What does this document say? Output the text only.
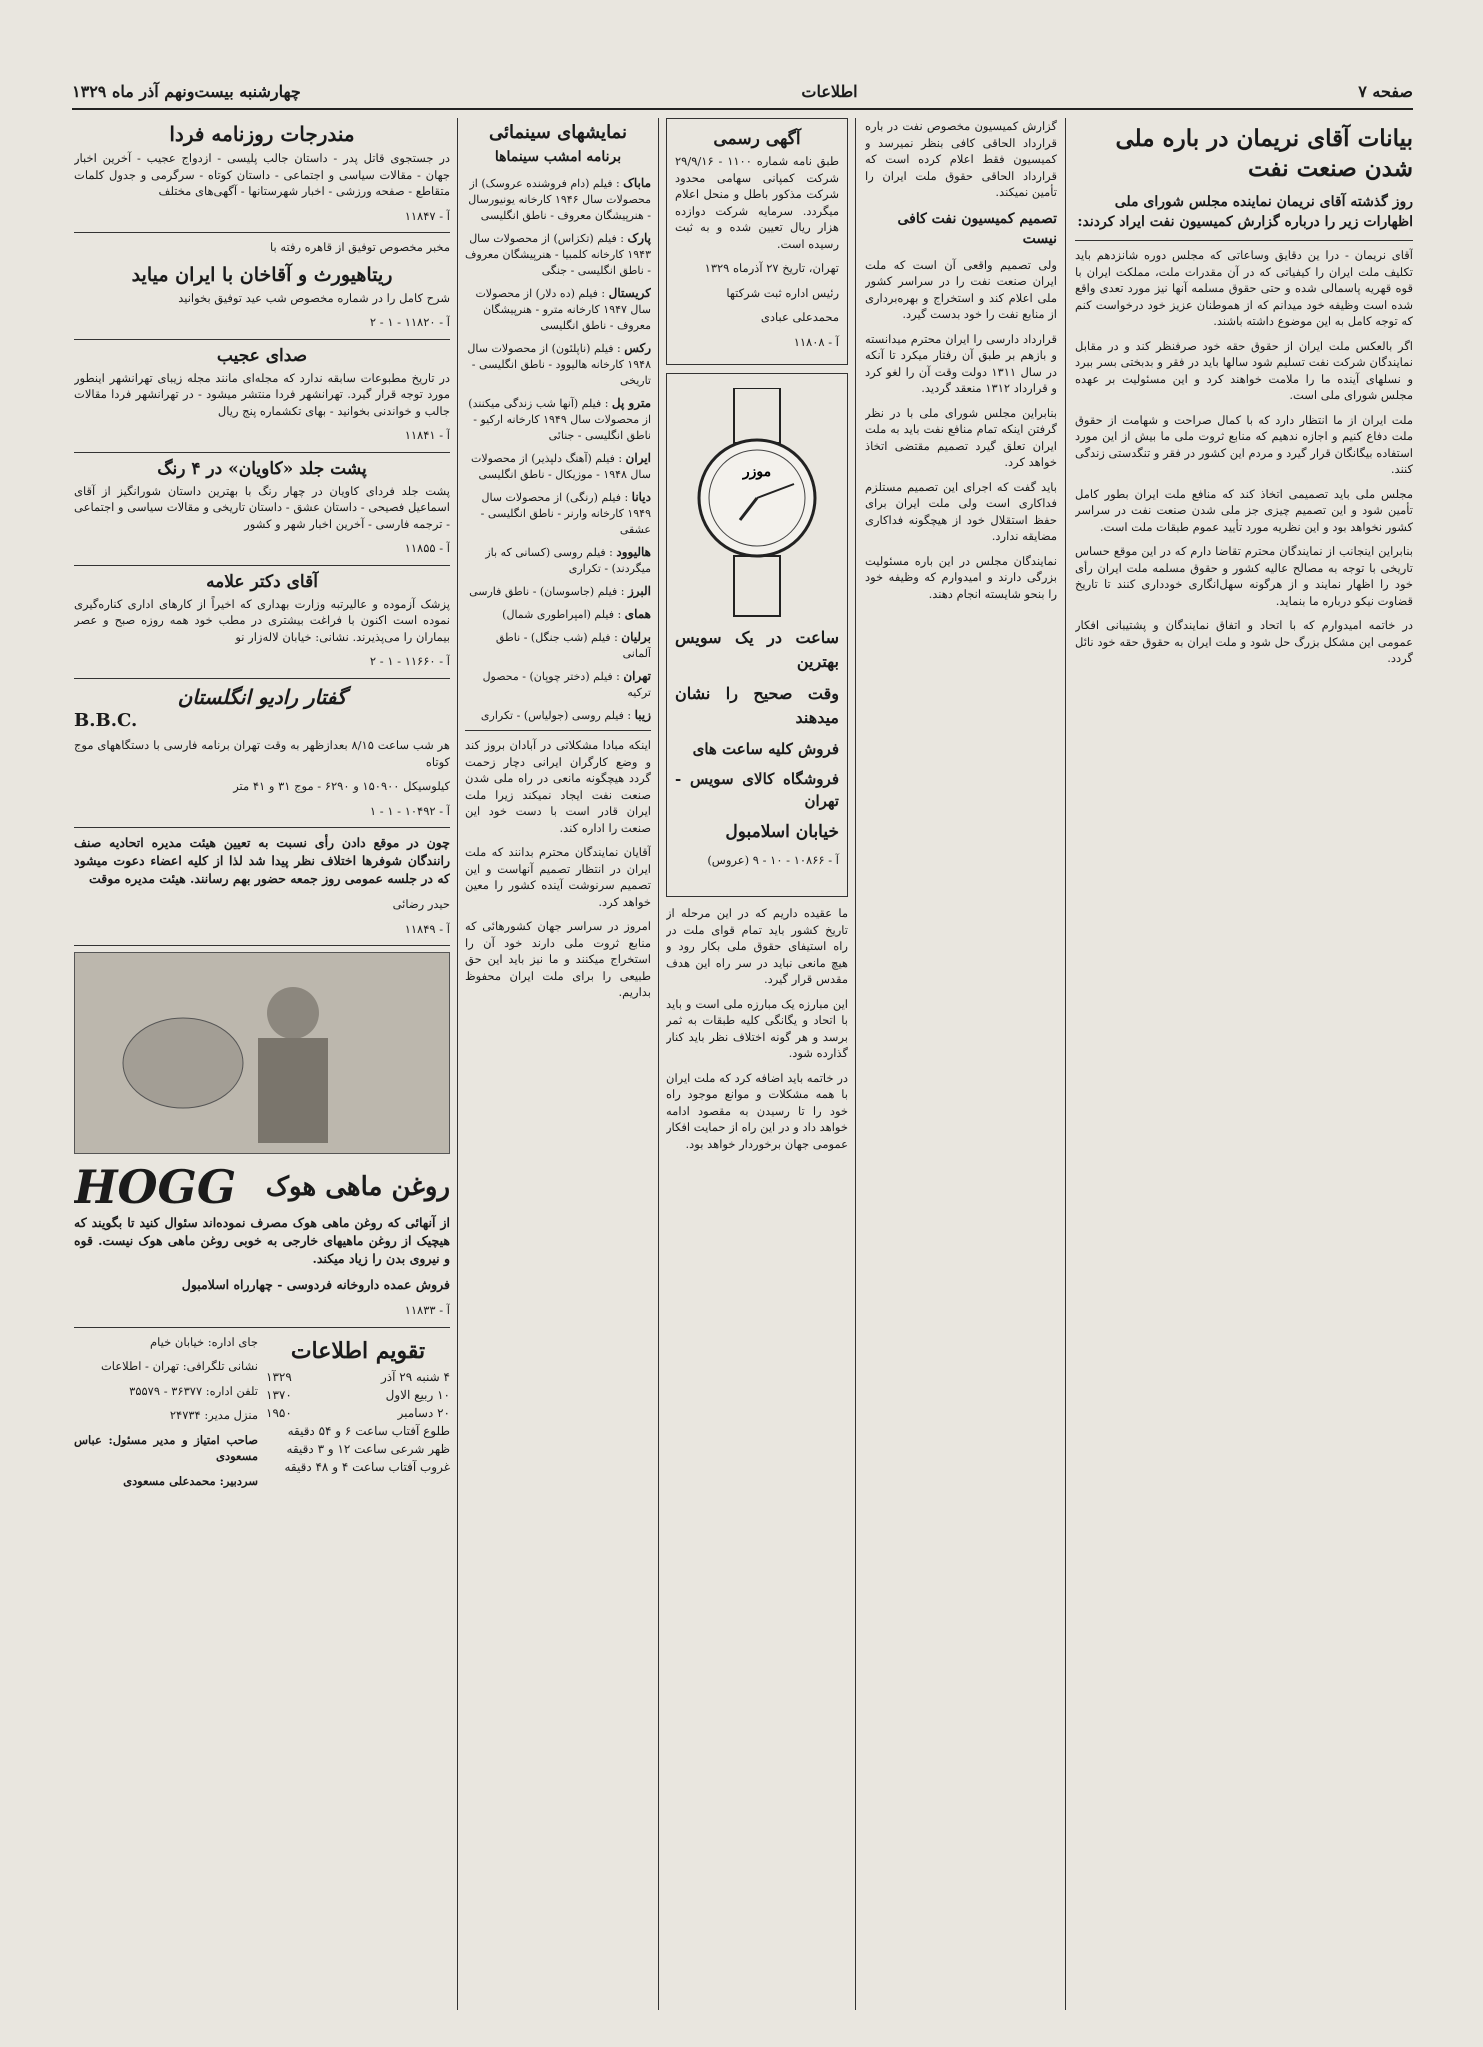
صفحه ۷
اطلاعات
چهارشنبه بیست‌ونهم آذر ماه ۱۳۲۹
بیانات آقای نریمان در باره ملی شدن صنعت نفت
روز گذشته آقای نریمان نماینده مجلس شورای ملی اظهارات زیر را درباره گزارش کمیسیون نفت ایراد کردند:

آقای نریمان - درا ین دقایق وساعاتی که مجلس دوره شانزدهم باید تکلیف ملت ایران را کیفیاتی که در آن مقدرات ملت، مملکت ایران با قوه قهریه پاسمالی شده و حتی حقوق مسلمه آنها نیز مورد تعدی واقع شده است وظیفه خود میدانم که از هموطنان عزیز خود درخواست کنم که توجه کامل به این موضوع داشته باشند.

اگر بالعکس ملت ایران از حقوق حقه خود صرفنظر کند و در مقابل نمایندگان شرکت نفت تسلیم شود سالها باید در فقر و بدبختی بسر ببرد و نسلهای آینده ما را ملامت خواهند کرد و این مسئولیت بر عهده مجلس شورای ملی است.

ملت ایران از ما انتظار دارد که با کمال صراحت و شهامت از حقوق ملت دفاع کنیم و اجازه ندهیم که منابع ثروت ملی ما بیش از این مورد استفاده بیگانگان قرار گیرد و مردم این کشور در فقر و تنگدستی زندگی کنند.

مجلس ملی باید تصمیمی اتخاذ کند که منافع ملت ایران بطور کامل تأمین شود و این تصمیم چیزی جز ملی شدن صنعت نفت در سراسر کشور نخواهد بود و این نظریه مورد تأیید عموم طبقات ملت است.

بنابراین اینجانب از نمایندگان محترم تقاضا دارم که در این موقع حساس تاریخی با توجه به مصالح عالیه کشور و حقوق مسلمه ملت ایران رأی خود را اظهار نمایند و از هرگونه سهل‌انگاری خودداری کنند تا تاریخ قضاوت نیکو درباره ما بنماید.

در خاتمه امیدوارم که با اتحاد و اتفاق نمایندگان و پشتیبانی افکار عمومی این مشکل بزرگ حل شود و ملت ایران به حقوق حقه خود نائل گردد.

گزارش کمیسیون مخصوص نفت در باره قرارداد الحاقی کافی بنظر نمیرسد و کمیسیون فقط اعلام کرده است که قرارداد الحاقی حقوق ملت ایران را تأمین نمیکند.

تصمیم کمیسیون نفت کافی نیست

ولی تصمیم واقعی آن است که ملت ایران صنعت نفت را در سراسر کشور ملی اعلام کند و استخراج و بهره‌برداری از منابع نفت را خود بدست گیرد.

قرارداد دارسی را ایران محترم میدانسته و بازهم بر طبق آن رفتار میکرد تا آنکه در سال ۱۳۱۱ دولت وقت آن را لغو کرد و قرارداد ۱۳۱۲ منعقد گردید.

بنابراین مجلس شورای ملی با در نظر گرفتن اینکه تمام منافع نفت باید به ملت ایران تعلق گیرد تصمیم مقتضی اتخاذ خواهد کرد.

باید گفت که اجرای این تصمیم مستلزم فداکاری است ولی ملت ایران برای حفظ استقلال خود از هیچگونه فداکاری مضایقه ندارد.

نمایندگان مجلس در این باره مسئولیت بزرگی دارند و امیدوارم که وظیفه خود را بنحو شایسته انجام دهند.

آگهی رسمی

طبق نامه شماره ۱۱۰۰ - ۲۹/۹/۱۶ شرکت کمپانی سهامی محدود شرکت مذکور باطل و منحل اعلام میگردد. سرمایه شرکت دوازده هزار ریال تعیین شده و به ثبت رسیده است.

تهران، تاریخ ۲۷ آذرماه ۱۳۲۹

رئیس اداره ثبت شرکتها

محمدعلی عبادی

آ - ۱۱۸۰۸

موزر

ساعت در یک سویس بهترین

وقت صحیح را نشان میدهند

فروش کلیه ساعت های

فروشگاه کالای سویس - تهران

خیابان اسلامبول

آ - ۱۰۸۶۶ - ۱۰ - ۹ (عروس)

ما عقیده داریم که در این مرحله از تاریخ کشور باید تمام قوای ملت در راه استیفای حقوق ملی بکار رود و هیچ مانعی نباید در سر راه این هدف مقدس قرار گیرد.

این مبارزه یک مبارزه ملی است و باید با اتحاد و یگانگی کلیه طبقات به ثمر برسد و هر گونه اختلاف نظر باید کنار گذارده شود.

در خاتمه باید اضافه کرد که ملت ایران با همه مشکلات و موانع موجود راه خود را تا رسیدن به مقصود ادامه خواهد داد و در این راه از حمایت افکار عمومی جهان برخوردار خواهد بود.

نمایشهای سینمائی
برنامه امشب سینماها
ماباک : فیلم (دام فروشنده عروسک) از محصولات سال ۱۹۴۶ کارخانه یونیورسال - هنرپیشگان معروف - ناطق انگلیسی
پارک : فیلم (تکزاس) از محصولات سال ۱۹۴۳ کارخانه کلمبیا - هنرپیشگان معروف - ناطق انگلیسی - جنگی
کریستال : فیلم (ده دلار) از محصولات سال ۱۹۴۷ کارخانه مترو - هنرپیشگان معروف - ناطق انگلیسی
رکس : فیلم (ناپلئون) از محصولات سال ۱۹۴۸ کارخانه هالیوود - ناطق انگلیسی - تاریخی
مترو پل : فیلم (آنها شب زندگی میکنند) از محصولات سال ۱۹۴۹ کارخانه ارکیو - ناطق انگلیسی - جنائی
ایران : فیلم (آهنگ دلپذیر) از محصولات سال ۱۹۴۸ - موزیکال - ناطق انگلیسی
دیانا : فیلم (رنگی) از محصولات سال ۱۹۴۹ کارخانه وارنر - ناطق انگلیسی - عشقی
هالیوود : فیلم روسی (کسانی که باز میگردند) - تکراری
البرز : فیلم (جاسوسان) - ناطق فارسی
همای : فیلم (امپراطوری شمال)
برلیان : فیلم (شب جنگل) - ناطق آلمانی
تهران : فیلم (دختر چوپان) - محصول ترکیه
زیبا : فیلم روسی (جولیاس) - تکراری

اینکه مبادا مشکلاتی در آبادان بروز کند و وضع کارگران ایرانی دچار زحمت گردد هیچگونه مانعی در راه ملی شدن صنعت نفت ایجاد نمیکند زیرا ملت ایران قادر است با دست خود این صنعت را اداره کند.

آقایان نمایندگان محترم بدانند که ملت ایران در انتظار تصمیم آنهاست و این تصمیم سرنوشت آینده کشور را معین خواهد کرد.

امروز در سراسر جهان کشورهائی که منابع ثروت ملی دارند خود آن را استخراج میکنند و ما نیز باید این حق طبیعی را برای ملت ایران محفوظ بداریم.

مندرجات روزنامه فردا

در جستجوی قاتل پدر - داستان جالب پلیسی - ازدواج عجیب - آخرین اخبار جهان - مقالات سیاسی و اجتماعی - داستان کوتاه - سرگرمی و جدول کلمات متقاطع - صفحه ورزشی - اخبار شهرستانها - آگهی‌های مختلف

آ - ۱۱۸۴۷

مخبر مخصوص توفیق از قاهره رفته با

ریتاهیورث و آقاخان با ایران میاید

شرح کامل را در شماره مخصوص شب عید توفیق بخوانید

آ - ۱۱۸۲۰ - ۱ - ۲

صدای عجیب

در تاریخ مطبوعات سابقه ندارد که مجله‌ای مانند مجله زیبای تهرانشهر اینطور مورد توجه قرار گیرد. تهرانشهر فردا منتشر میشود - در تهرانشهر فردا مقالات جالب و خواندنی بخوانید - بهای تکشماره پنج ریال

آ - ۱۱۸۴۱

پشت جلد «کاویان» در ۴ رنگ

پشت جلد فردای کاویان در چهار رنگ با بهترین داستان شورانگیز از آقای اسماعیل فصیحی - داستان عشق - داستان تاریخی و مقالات سیاسی و اجتماعی - ترجمه فارسی - آخرین اخبار شهر و کشور

آ - ۱۱۸۵۵

آقای دکتر علامه

پزشک آزموده و عالیرتبه وزارت بهداری که اخیراً از کارهای اداری کناره‌گیری نموده است اکنون با فراغت بیشتری در مطب خود همه روزه صبح و عصر بیماران را می‌پذیرند. نشانی: خیابان لاله‌زار نو

آ - ۱۱۶۶۰ - ۱ - ۲

گفتار رادیو انگلستان

B.B.C.

هر شب ساعت ۸/۱۵ بعدازظهر به وقت تهران برنامه فارسی با دستگاههای موج کوتاه

کیلوسیکل ۱۵۰۹۰۰ و ۶۲۹۰ - موج ۳۱ و ۴۱ متر

آ - ۱۰۴۹۲ - ۱ - ۱

چون در موقع دادن رأی نسبت به تعیین هیئت مدیره اتحادیه صنف رانندگان شوفرها اختلاف نظر پیدا شد لذا از کلیه اعضاء دعوت میشود که در جلسه عمومی روز جمعه حضور بهم رسانند. هیئت مدیره موقت

حیدر رضائی

آ - ۱۱۸۴۹

روغن ماهی هوک
HOGG

از آنهائی که روغن ماهی هوک مصرف نموده‌اند سئوال کنید تا بگویند که هیچیک از روغن ماهیهای خارجی به خوبی روغن ماهی هوک نیست. قوه و نیروی بدن را زیاد میکند.

فروش عمده داروخانه فردوسی - چهارراه اسلامبول

آ - ۱۱۸۳۳

تقویم اطلاعات
۴ شنبه ۲۹ آذر
۱۳۲۹
۱۰ ربیع الاول
۱۳۷۰
۲۰ دسامبر
۱۹۵۰
طلوع آفتاب ساعت ۶ و ۵۴ دقیقه
ظهر شرعی ساعت ۱۲ و ۳ دقیقه
غروب آفتاب ساعت ۴ و ۴۸ دقیقه

جای اداره: خیابان خیام

نشانی تلگرافی: تهران - اطلاعات

تلفن اداره: ۳۶۳۷۷ - ۳۵۵۷۹

منزل مدیر: ۲۴۷۳۴

صاحب امتیاز و مدیر مسئول: عباس مسعودی

سردبیر: محمدعلی مسعودی
